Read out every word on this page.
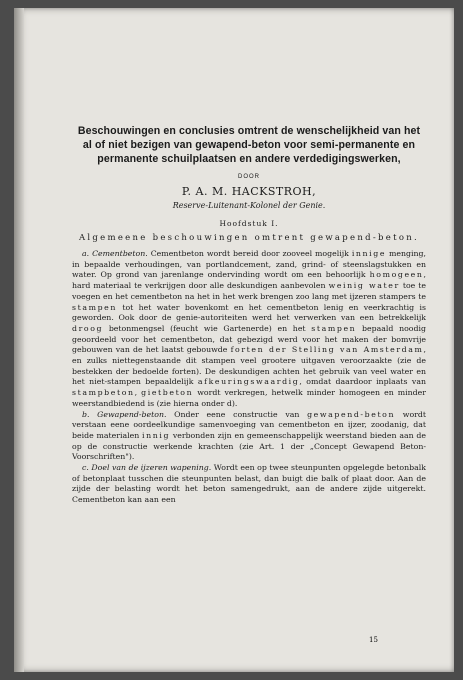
Beschouwingen en conclusies omtrent de wenschelijkheid van het al of niet bezigen van gewapend-beton voor semi-permanente en permanente schuilplaatsen en andere verdedigingswerken,
DOOR
P. A. M. HACKSTROH,
Reserve-Luitenant-Kolonel der Genie.
Hoofdstuk I.
Algemeene beschouwingen omtrent gewapend-beton.

a. Cementbeton. Cementbeton wordt bereid door zooveel mogelijk innige menging, in bepaalde verhoudingen, van portlandcement, zand, grind- of steenslagstukken en water. Op grond van jarenlange ondervinding wordt om een behoorlijk homogeen, hard materiaal te verkrijgen door alle deskundigen aanbevolen weinig water toe te voegen en het cementbeton na het in het werk brengen zoo lang met ijzeren stampers te stampen tot het water bovenkomt en het cementbeton lenig en veerkrachtig is geworden. Ook door de genie-autoriteiten werd het verwerken van een betrekkelijk droog betonmengsel (feucht wie Gartenerde) en het stampen bepaald noodig geoordeeld voor het cementbeton, dat gebezigd werd voor het maken der bomvrije gebouwen van de het laatst gebouwde forten der Stelling van Amsterdam, en zulks niettegenstaande dit stampen veel grootere uitgaven veroorzaakte (zie de bestekken der bedoelde forten). De deskundigen achten het gebruik van veel water en het niet-stampen bepaaldelijk afkeuringswaardig, omdat daardoor inplaats van stampbeton, gietbeton wordt verkregen, hetwelk minder homogeen en minder weerstandbiedend is (zie hierna onder d).

b. Gewapend-beton. Onder eene constructie van gewapend-beton wordt verstaan eene oordeelkundige samenvoeging van cementbeton en ijzer, zoodanig, dat beide materialen innig verbonden zijn en gemeenschappelijk weerstand bieden aan de op de constructie werkende krachten (zie Art. 1 der „Concept Gewapend Beton-Voorschriften").

c. Doel van de ijzeren wapening. Wordt een op twee steunpunten opgelegde betonbalk of betonplaat tusschen die steunpunten belast, dan buigt die balk of plaat door. Aan de zijde der belasting wordt het beton samengedrukt, aan de andere zijde uitgerekt. Cementbeton kan aan een

15
